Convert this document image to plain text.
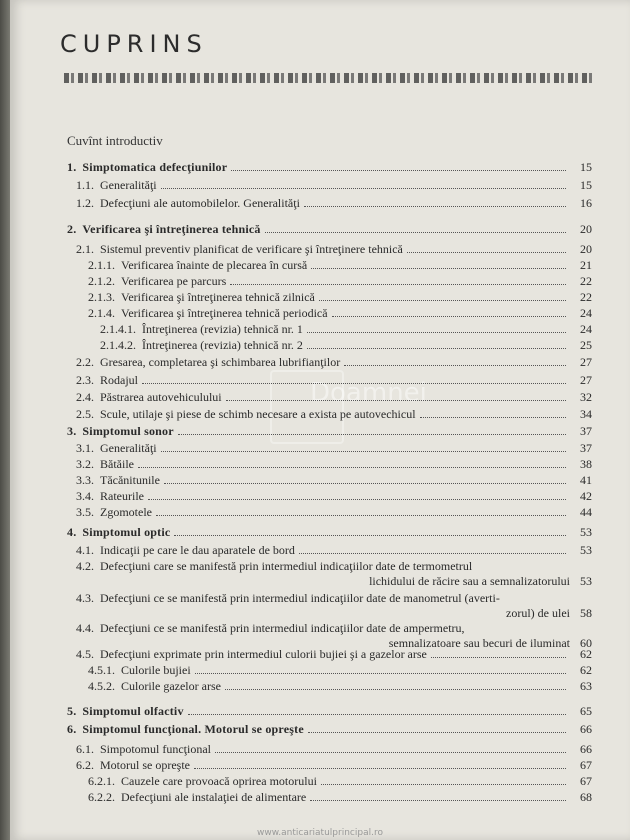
CUPRINS
Cuvînt introductiv
Doamnei
1. Simptomatica defecţiunilor	15
1.1. Generalităţi	15
1.2. Defecţiuni ale automobilelor. Generalităţi	16
2. Verificarea şi întreţinerea tehnică	20
2.1. Sistemul preventiv planificat de verificare şi întreţinere tehnică	20
2.1.1. Verificarea înainte de plecarea în cursă	21
2.1.2. Verificarea pe parcurs	22
2.1.3. Verificarea şi întreţinerea tehnică zilnică	22
2.1.4. Verificarea şi întreţinerea tehnică periodică	24
2.1.4.1. Întreţinerea (revizia) tehnică nr. 1	24
2.1.4.2. Întreţinerea (revizia) tehnică nr. 2	25
2.2. Gresarea, completarea şi schimbarea lubrifianţilor	27
2.3. Rodajul	27
2.4. Păstrarea autovehiculului	32
2.5. Scule, utilaje şi piese de schimb necesare a exista pe autovechicul	34
3. Simptomul sonor	37
3.1. Generalităţi	37
3.2. Bătăile	38
3.3. Tăcănitunile	41
3.4. Rateurile	42
3.5. Zgomotele	44
4. Simptomul optic	53
4.1. Indicaţii pe care le dau aparatele de bord	53
4.2. Defecţiuni care se manifestă prin intermediul indicaţiilor date de termometrul
lichidului de răcire sau a semnalizatorului 53
4.3. Defecţiuni ce se manifestă prin intermediul indicaţiilor date de manometrul (averti-
zorul) de ulei 58
4.4. Defecţiuni ce se manifestă prin intermediul indicaţiilor date de ampermetru,
semnalizatoare sau becuri de iluminat 60
4.5. Defecţiuni exprimate prin intermediul culorii bujiei şi a gazelor arse	62
4.5.1. Culorile bujiei	62
4.5.2. Culorile gazelor arse	63
5. Simptomul olfactiv	65
6. Simptomul funcţional. Motorul se opreşte	66
6.1. Simpotomul funcţional	66
6.2. Motorul se opreşte	67
6.2.1. Cauzele care provoacă oprirea motorului	67
6.2.2. Defecţiuni ale instalaţiei de alimentare	68
www.anticariatulprincipal.ro
